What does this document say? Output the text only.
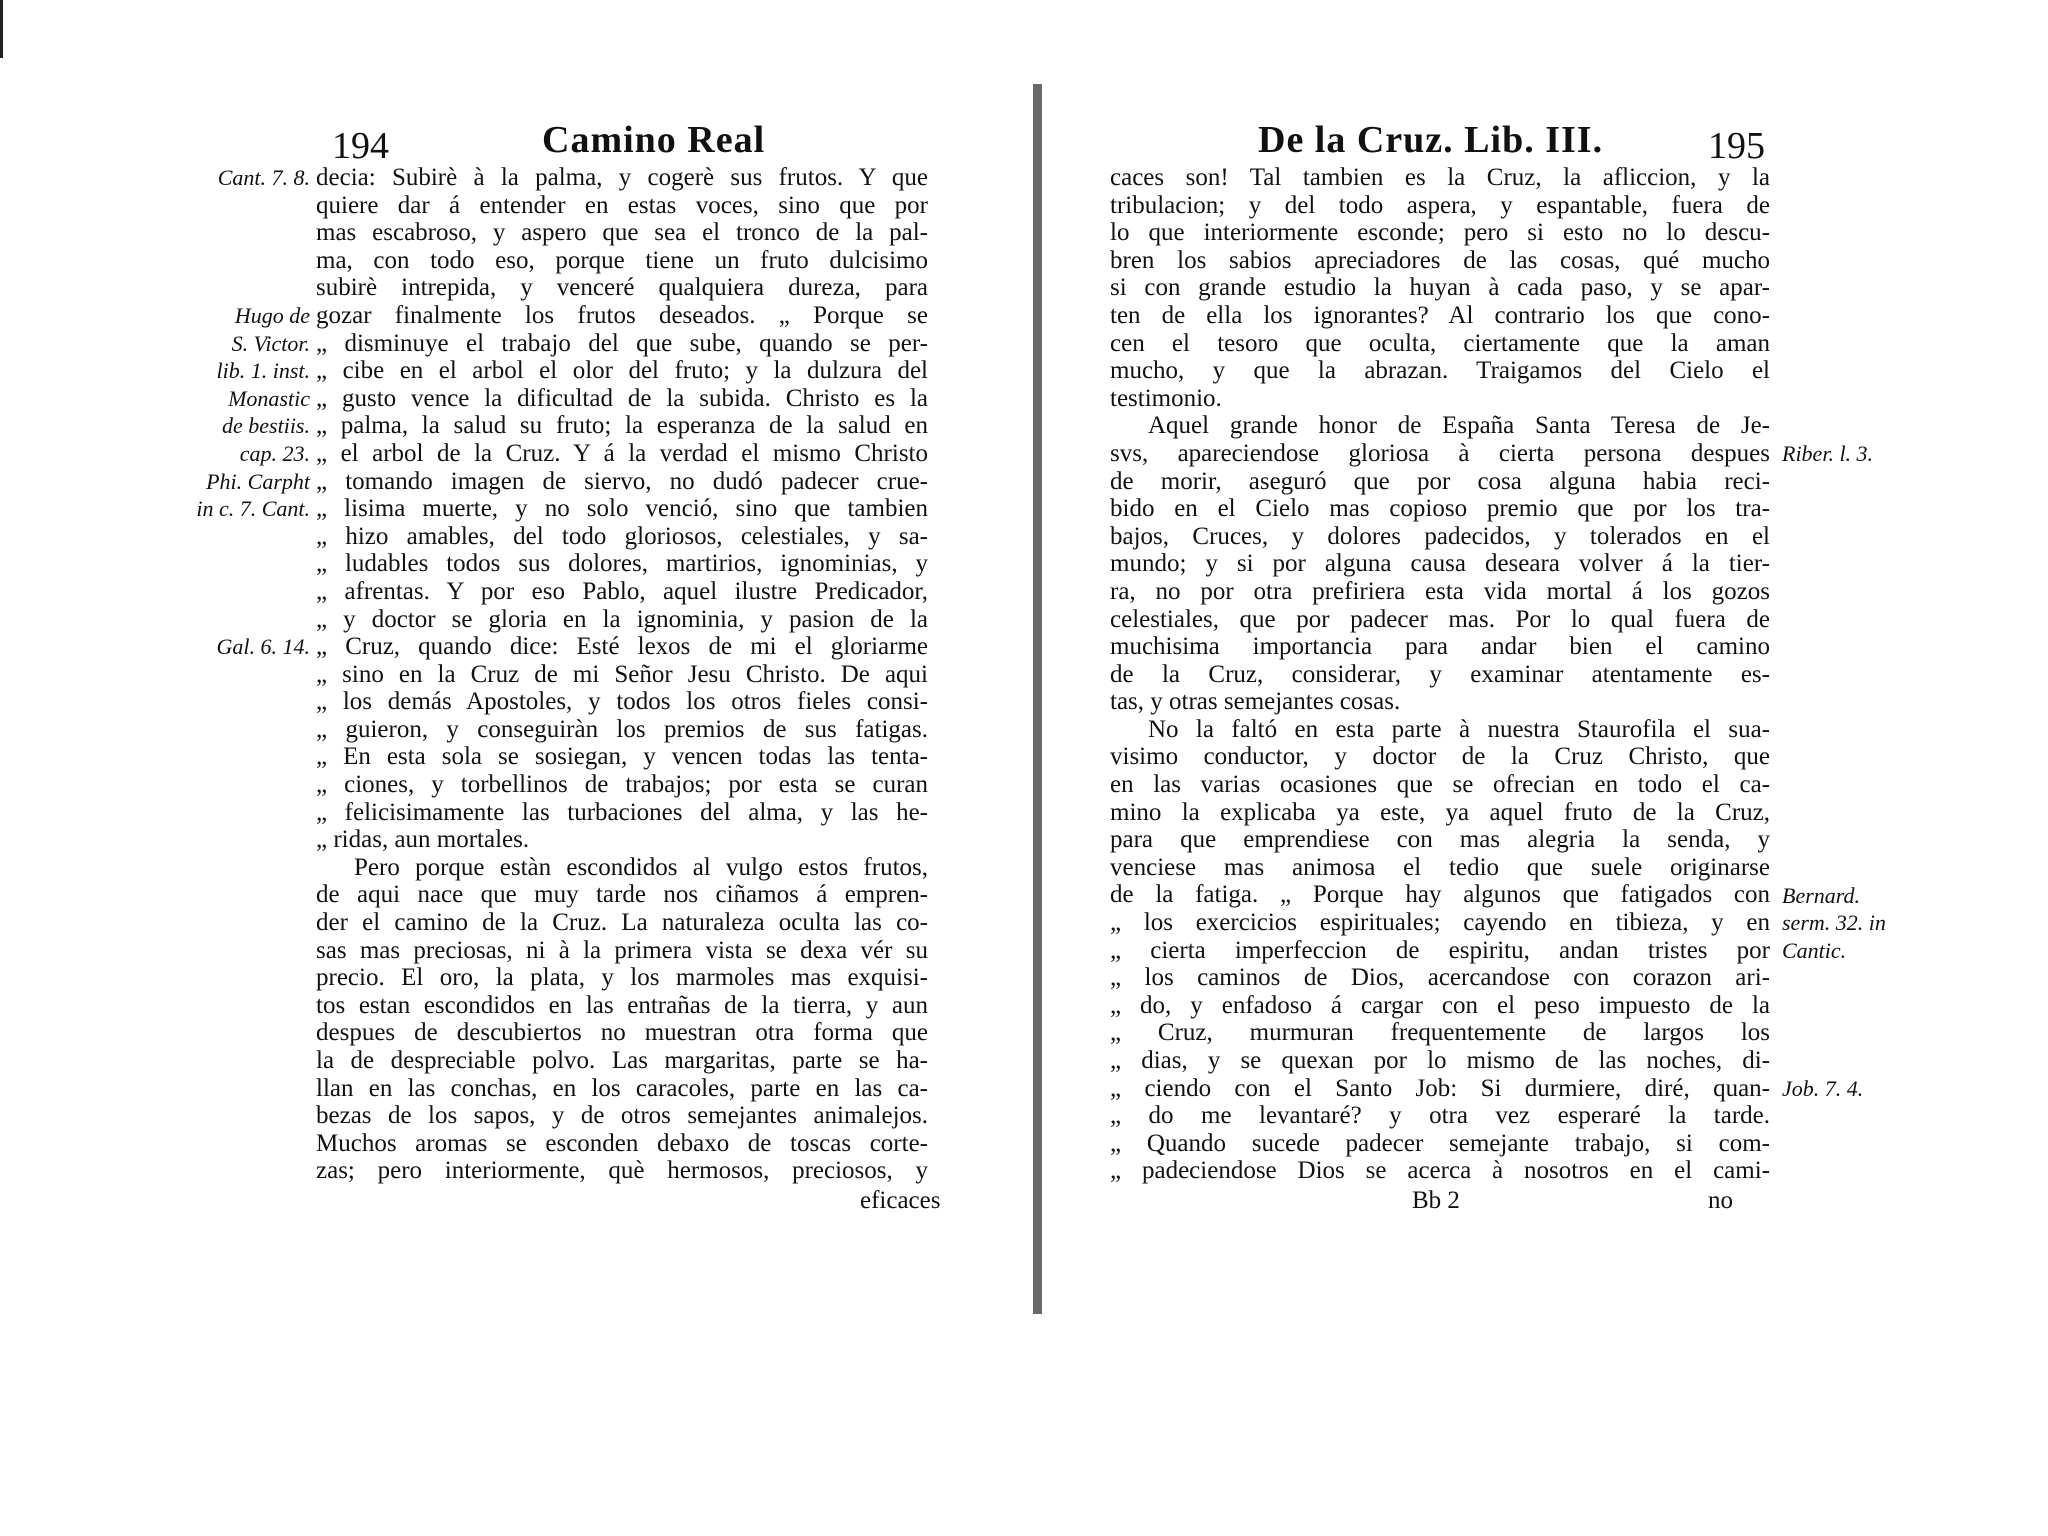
194	Camino Real
Cant. 7. 8.
Hugo de
S. Victor.
lib. 1. inst.
Monastic
de bestiis.
cap. 23.
Phi. Carpht
in c. 7. Cant.
Gal. 6. 14.
decia: Subirè à la palma, y cogerè sus frutos. Y que
quiere dar á entender en estas voces, sino que por
mas escabroso, y aspero que sea el tronco de la pal-
ma, con todo eso, porque tiene un fruto dulcisimo
subirè intrepida, y venceré qualquiera dureza, para
gozar finalmente los frutos deseados. „ Porque se
„ disminuye el trabajo del que sube, quando se per-
„ cibe en el arbol el olor del fruto; y la dulzura del
„ gusto vence la dificultad de la subida. Christo es la
„ palma, la salud su fruto; la esperanza de la salud en
„ el arbol de la Cruz. Y á la verdad el mismo Christo
„ tomando imagen de siervo, no dudó padecer crue-
„ lisima muerte, y no solo venció, sino que tambien
„ hizo amables, del todo gloriosos, celestiales, y sa-
„ ludables todos sus dolores, martirios, ignominias, y
„ afrentas. Y por eso Pablo, aquel ilustre Predicador,
„ y doctor se gloria en la ignominia, y pasion de la
„ Cruz, quando dice: Esté lexos de mi el gloriarme
„ sino en la Cruz de mi Señor Jesu Christo. De aqui
„ los demás Apostoles, y todos los otros fieles consi-
„ guieron, y conseguiràn los premios de sus fatigas.
„ En esta sola se sosiegan, y vencen todas las tenta-
„ ciones, y torbellinos de trabajos; por esta se curan
„ felicisimamente las turbaciones del alma, y las he-
„ ridas, aun mortales.
Pero porque estàn escondidos al vulgo estos frutos,
de aqui nace que muy tarde nos ciñamos á empren-
der el camino de la Cruz. La naturaleza oculta las co-
sas mas preciosas, ni à la primera vista se dexa vér su
precio. El oro, la plata, y los marmoles mas exquisi-
tos estan escondidos en las entrañas de la tierra, y aun
despues de descubiertos no muestran otra forma que
la de despreciable polvo. Las margaritas, parte se ha-
llan en las conchas, en los caracoles, parte en las ca-
bezas de los sapos, y de otros semejantes animalejos.
Muchos aromas se esconden debaxo de toscas corte-
zas; pero interiormente, què hermosos, preciosos, y
eficaces
De la Cruz. Lib. III.	195
caces son! Tal tambien es la Cruz, la afliccion, y la
tribulacion; y del todo aspera, y espantable, fuera de
lo que interiormente esconde; pero si esto no lo descu-
bren los sabios apreciadores de las cosas, qué mucho
si con grande estudio la huyan à cada paso, y se apar-
ten de ella los ignorantes? Al contrario los que cono-
cen el tesoro que oculta, ciertamente que la aman
mucho, y que la abrazan. Traigamos del Cielo el
testimonio.
Aquel grande honor de España Santa Teresa de Je-
svs, apareciendose gloriosa à cierta persona despues
de morir, aseguró que por cosa alguna habia reci-
bido en el Cielo mas copioso premio que por los tra-
bajos, Cruces, y dolores padecidos, y tolerados en el
mundo; y si por alguna causa deseara volver á la tier-
ra, no por otra prefiriera esta vida mortal á los gozos
celestiales, que por padecer mas. Por lo qual fuera de
muchisima importancia para andar bien el camino
de la Cruz, considerar, y examinar atentamente es-
tas, y otras semejantes cosas.
No la faltó en esta parte à nuestra Staurofila el sua-
visimo conductor, y doctor de la Cruz Christo, que
en las varias ocasiones que se ofrecian en todo el ca-
mino la explicaba ya este, ya aquel fruto de la Cruz,
para que emprendiese con mas alegria la senda, y
venciese mas animosa el tedio que suele originarse
de la fatiga. „ Porque hay algunos que fatigados con
„ los exercicios espirituales; cayendo en tibieza, y en
„ cierta imperfeccion de espiritu, andan tristes por
„ los caminos de Dios, acercandose con corazon ari-
„ do, y enfadoso á cargar con el peso impuesto de la
„ Cruz, murmuran frequentemente de largos los
„ dias, y se quexan por lo mismo de las noches, di-
„ ciendo con el Santo Job: Si durmiere, diré, quan-
„ do me levantaré? y otra vez esperaré la tarde.
„ Quando sucede padecer semejante trabajo, si com-
„ padeciendose Dios se acerca à nosotros en el cami-
Riber. l. 3.
Bernard.
serm. 32. in
Cantic.
Job. 7. 4.
Bb 2	no
